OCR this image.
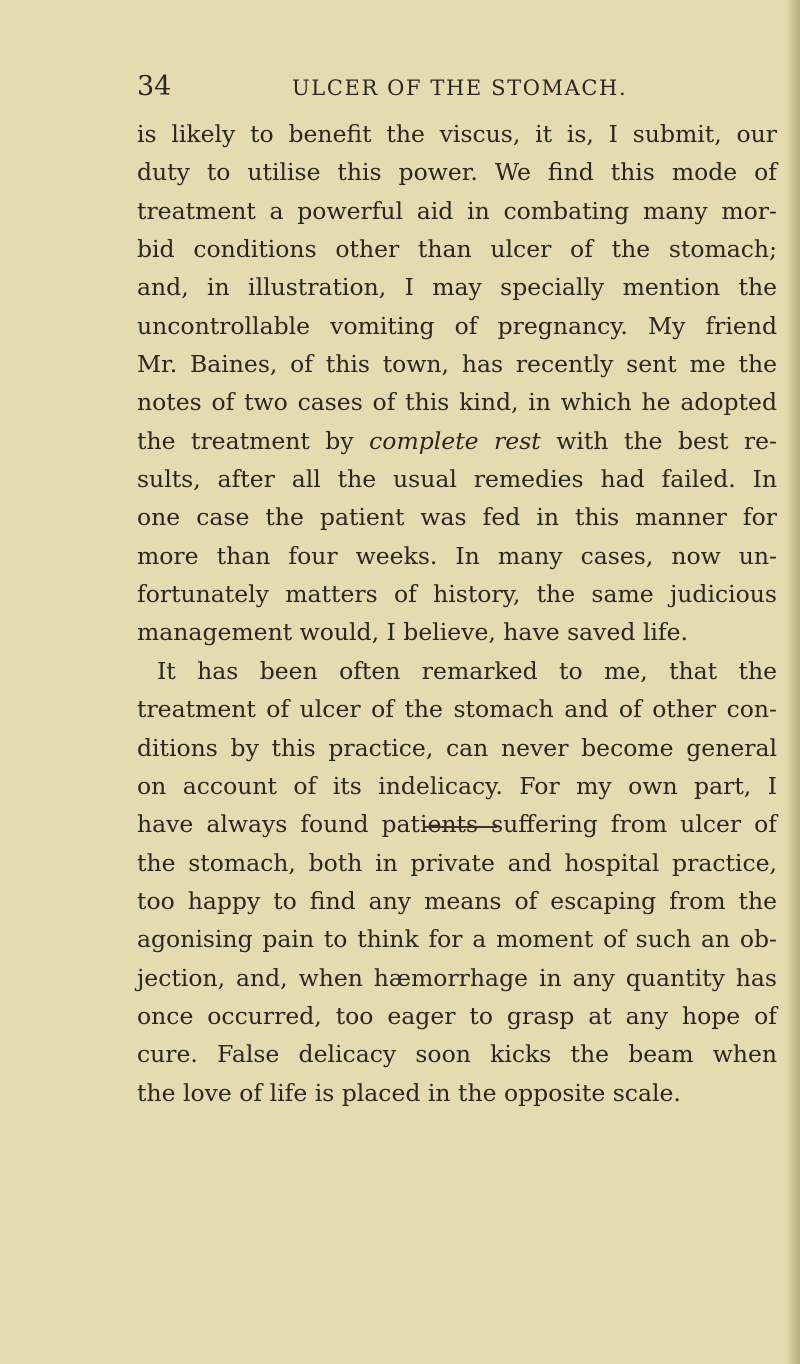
34	ULCER OF THE STOMACH.
is likely to benefit the viscus, it is, I submit, our
duty to utilise this power. We find this mode of
treatment a powerful aid in combating many mor-
bid conditions other than ulcer of the stomach;
and, in illustration, I may specially mention the
uncontrollable vomiting of pregnancy. My friend
Mr. Baines, of this town, has recently sent me the
notes of two cases of this kind, in which he adopted
the treatment by complete rest with the best re-
sults, after all the usual remedies had failed. In
one case the patient was fed in this manner for
more than four weeks. In many cases, now un-
fortunately matters of history, the same judicious
management would, I believe, have saved life.
It has been often remarked to me, that the
treatment of ulcer of the stomach and of other con-
ditions by this practice, can never become general
on account of its indelicacy. For my own part, I
have always found patients suffering from ulcer of
the stomach, both in private and hospital practice,
too happy to find any means of escaping from the
agonising pain to think for a moment of such an ob-
jection, and, when hæmorrhage in any quantity has
once occurred, too eager to grasp at any hope of
cure. False delicacy soon kicks the beam when
the love of life is placed in the opposite scale.
